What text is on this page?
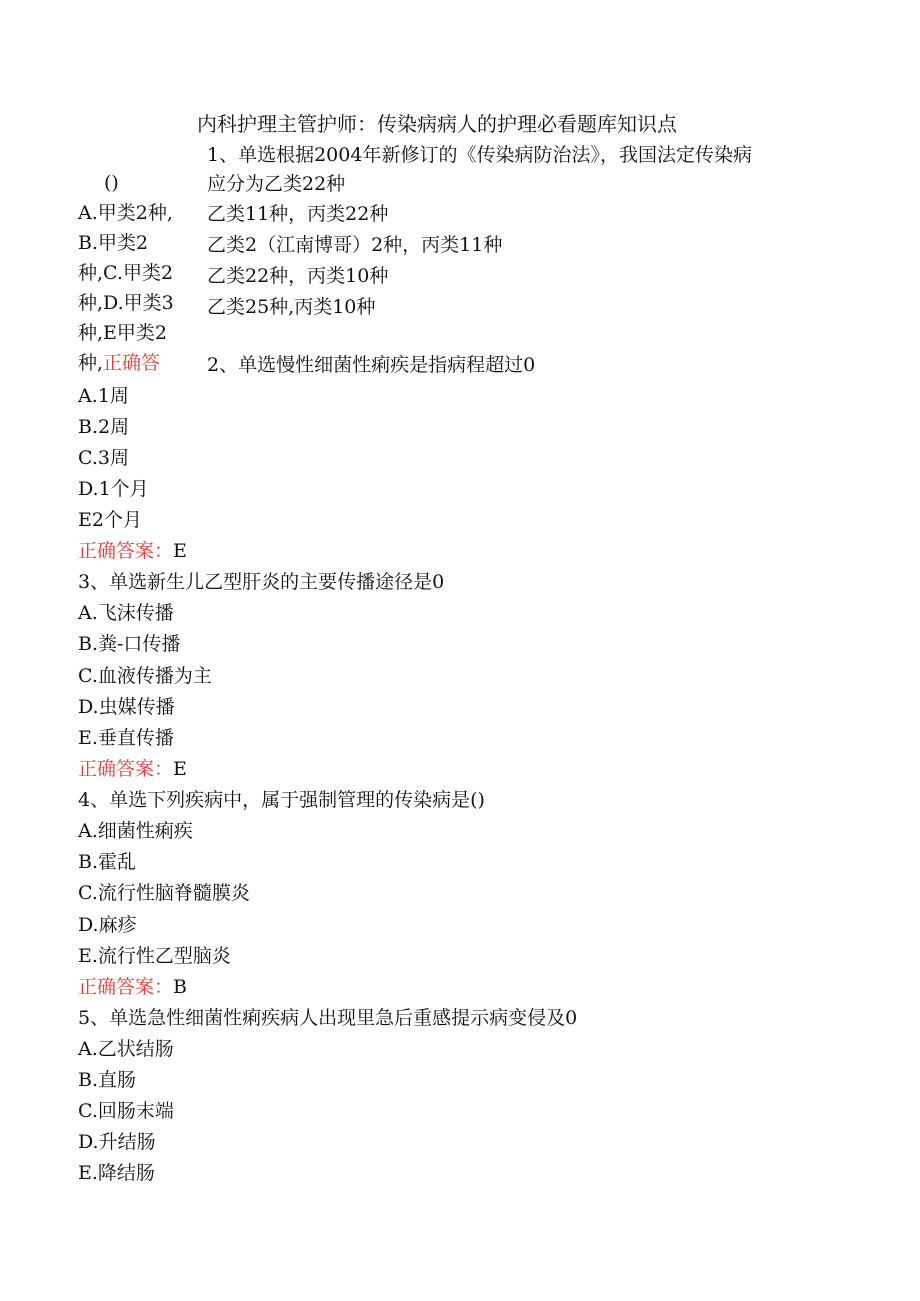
内科护理主管护师：传染病病人的护理必看题库知识点
1、单选根据2004年新修订的《传染病防治法》，我国法定传染病
应分为乙类22种
乙类11种，丙类22种
乙类2（江南博哥）2种，丙类11种
乙类22种，丙类10种
乙类25种,丙类10种
()
A.甲类2种,
B.甲类2
种,C.甲类2
种,D.甲类3
种,E甲类2
种,正确答	2、单选慢性细菌性痢疾是指病程超过0
A.1周
B.2周
C.3周
D.1个月
E2个月
正确答案：E
3、单选新生儿乙型肝炎的主要传播途径是0
A.飞沫传播
B.粪-口传播
C.血液传播为主
D.虫媒传播
E.垂直传播
正确答案：E
4、单选下列疾病中，属于强制管理的传染病是()
A.细菌性痢疾
B.霍乱
C.流行性脑脊髓膜炎
D.麻疹
E.流行性乙型脑炎
正确答案：B
5、单选急性细菌性痢疾病人出现里急后重感提示病变侵及0
A.乙状结肠
B.直肠
C.回肠末端
D.升结肠
E.降结肠
